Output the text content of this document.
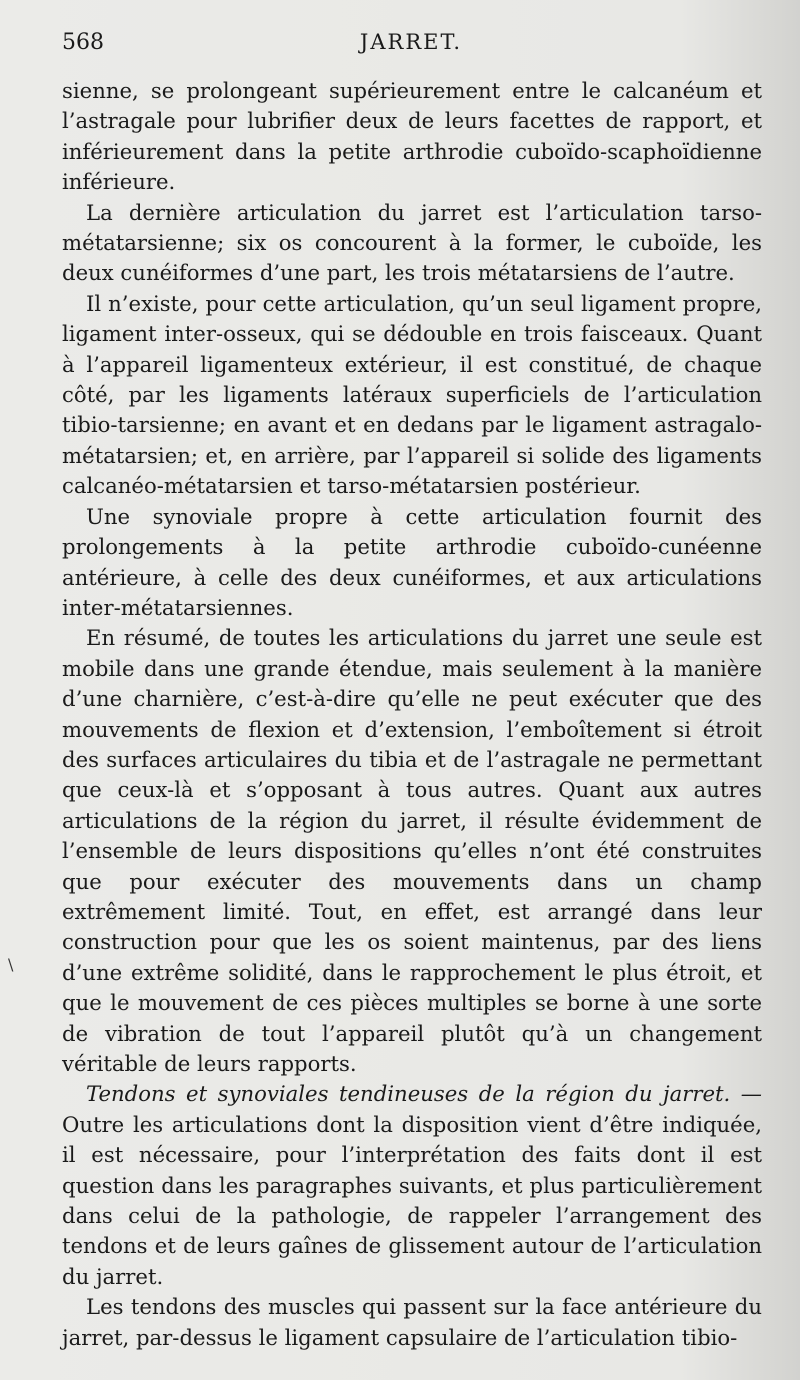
568	JARRET.
\

sienne, se prolongeant supérieurement entre le calcanéum et l’astragale pour lubrifier deux de leurs facettes de rapport, et inférieurement dans la petite arthrodie cuboïdo-scaphoïdienne inférieure.

La dernière articulation du jarret est l’articulation tarso-métatarsienne; six os concourent à la former, le cuboïde, les deux cunéiformes d’une part, les trois métatarsiens de l’autre.

Il n’existe, pour cette articulation, qu’un seul ligament propre, ligament inter-osseux, qui se dédouble en trois faisceaux. Quant à l’appareil ligamenteux extérieur, il est constitué, de chaque côté, par les ligaments latéraux superficiels de l’articulation tibio-tarsienne; en avant et en dedans par le ligament astragalo-métatarsien; et, en arrière, par l’appareil si solide des ligaments calcanéo-métatarsien et tarso-métatarsien postérieur.

Une synoviale propre à cette articulation fournit des prolongements à la petite arthrodie cuboïdo-cunéenne antérieure, à celle des deux cunéiformes, et aux articulations inter-métatarsiennes.

En résumé, de toutes les articulations du jarret une seule est mobile dans une grande étendue, mais seulement à la manière d’une charnière, c’est-à-dire qu’elle ne peut exécuter que des mouvements de flexion et d’extension, l’emboîtement si étroit des surfaces articulaires du tibia et de l’astragale ne permettant que ceux-là et s’opposant à tous autres. Quant aux autres articulations de la région du jarret, il résulte évidemment de l’ensemble de leurs dispositions qu’elles n’ont été construites que pour exécuter des mouvements dans un champ extrêmement limité. Tout, en effet, est arrangé dans leur construction pour que les os soient maintenus, par des liens d’une extrême solidité, dans le rapprochement le plus étroit, et que le mouvement de ces pièces multiples se borne à une sorte de vibration de tout l’appareil plutôt qu’à un changement véritable de leurs rapports.

Tendons et synoviales tendineuses de la région du jarret. — Outre les articulations dont la disposition vient d’être indiquée, il est nécessaire, pour l’interprétation des faits dont il est question dans les paragraphes suivants, et plus particulièrement dans celui de la pathologie, de rappeler l’arrangement des tendons et de leurs gaînes de glissement autour de l’articulation du jarret.

Les tendons des muscles qui passent sur la face antérieure du jarret, par-dessus le ligament capsulaire de l’articulation tibio-
